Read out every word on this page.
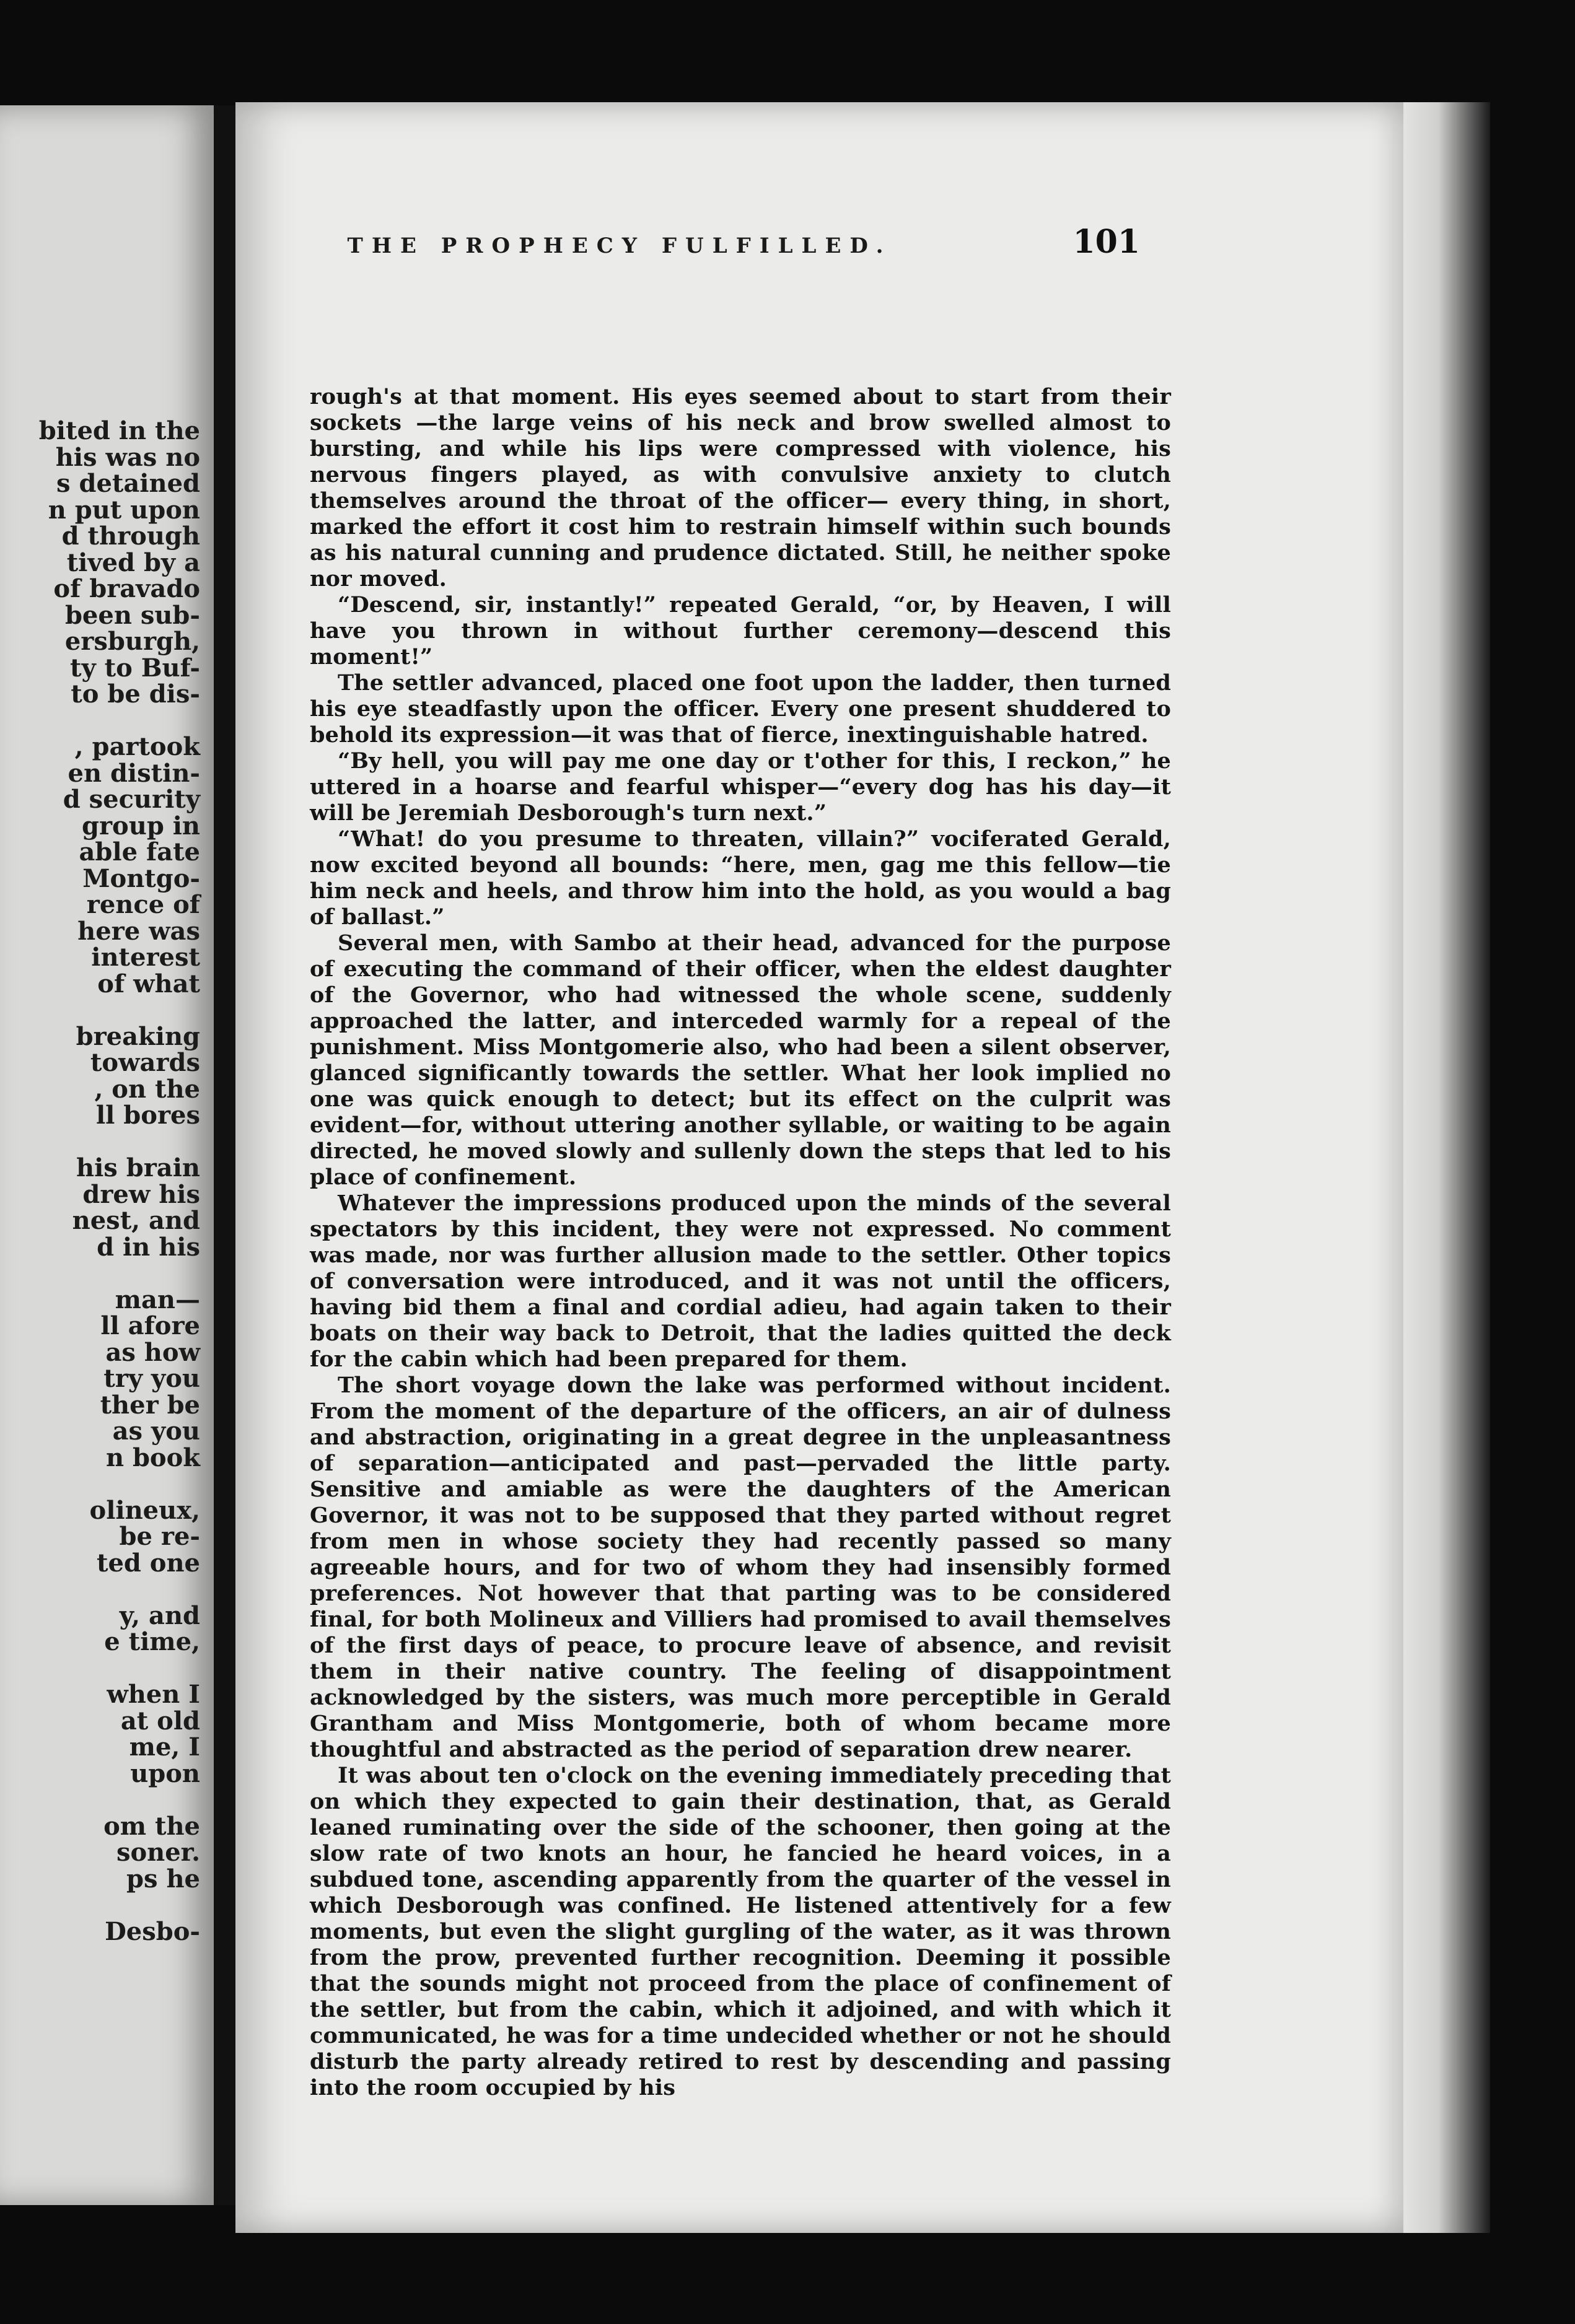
bited in the
his was no
s detained
n put upon
d through
tived by a
of bravado
been sub-
ersburgh,
ty to Buf-
to be dis-

, partook
en distin-
d security
group in
able fate
Montgo-
rence of
here was
interest
of what

breaking
towards
, on the
ll bores

his brain
drew his
nest, and
d in his

man—
ll afore
as how
try you
ther be
as you
n book

olineux,
be re-
ted one

y, and
e time,

when I
at old
me, I
upon

om the
soner.
ps he

Desbo-
THE PROPHECY FULFILLED.	101

rough's at that moment. His eyes seemed about to start from their sockets —the large veins of his neck and brow swelled almost to bursting, and while his lips were compressed with violence, his nervous fingers played, as with convulsive anxiety to clutch themselves around the throat of the officer— every thing, in short, marked the effort it cost him to restrain himself within such bounds as his natural cunning and prudence dictated. Still, he neither spoke nor moved.

“Descend, sir, instantly!” repeated Gerald, “or, by Heaven, I will have you thrown in without further ceremony—descend this moment!”

The settler advanced, placed one foot upon the ladder, then turned his eye steadfastly upon the officer. Every one present shuddered to behold its expression—it was that of fierce, inextinguishable hatred.

“By hell, you will pay me one day or t'other for this, I reckon,” he uttered in a hoarse and fearful whisper—“every dog has his day—it will be Jeremiah Desborough's turn next.”

“What! do you presume to threaten, villain?” vociferated Gerald, now excited beyond all bounds: “here, men, gag me this fellow—tie him neck and heels, and throw him into the hold, as you would a bag of ballast.”

Several men, with Sambo at their head, advanced for the purpose of executing the command of their officer, when the eldest daughter of the Governor, who had witnessed the whole scene, suddenly approached the latter, and interceded warmly for a repeal of the punishment. Miss Montgomerie also, who had been a silent observer, glanced significantly towards the settler. What her look implied no one was quick enough to detect; but its effect on the culprit was evident—for, without uttering another syllable, or waiting to be again directed, he moved slowly and sullenly down the steps that led to his place of confinement.

Whatever the impressions produced upon the minds of the several spectators by this incident, they were not expressed. No comment was made, nor was further allusion made to the settler. Other topics of conversation were introduced, and it was not until the officers, having bid them a final and cordial adieu, had again taken to their boats on their way back to Detroit, that the ladies quitted the deck for the cabin which had been prepared for them.

The short voyage down the lake was performed without incident. From the moment of the departure of the officers, an air of dulness and abstraction, originating in a great degree in the unpleasantness of separation—anticipated and past—pervaded the little party. Sensitive and amiable as were the daughters of the American Governor, it was not to be supposed that they parted without regret from men in whose society they had recently passed so many agreeable hours, and for two of whom they had insensibly formed preferences. Not however that that parting was to be considered final, for both Molineux and Villiers had promised to avail themselves of the first days of peace, to procure leave of absence, and revisit them in their native country. The feeling of disappointment acknowledged by the sisters, was much more perceptible in Gerald Grantham and Miss Montgomerie, both of whom became more thoughtful and abstracted as the period of separation drew nearer.

It was about ten o'clock on the evening immediately preceding that on which they expected to gain their destination, that, as Gerald leaned ruminating over the side of the schooner, then going at the slow rate of two knots an hour, he fancied he heard voices, in a subdued tone, ascending apparently from the quarter of the vessel in which Desborough was confined. He listened attentively for a few moments, but even the slight gurgling of the water, as it was thrown from the prow, prevented further recognition. Deeming it possible that the sounds might not proceed from the place of confinement of the settler, but from the cabin, which it adjoined, and with which it communicated, he was for a time undecided whether or not he should disturb the party already retired to rest by descending and passing into the room occupied by his
